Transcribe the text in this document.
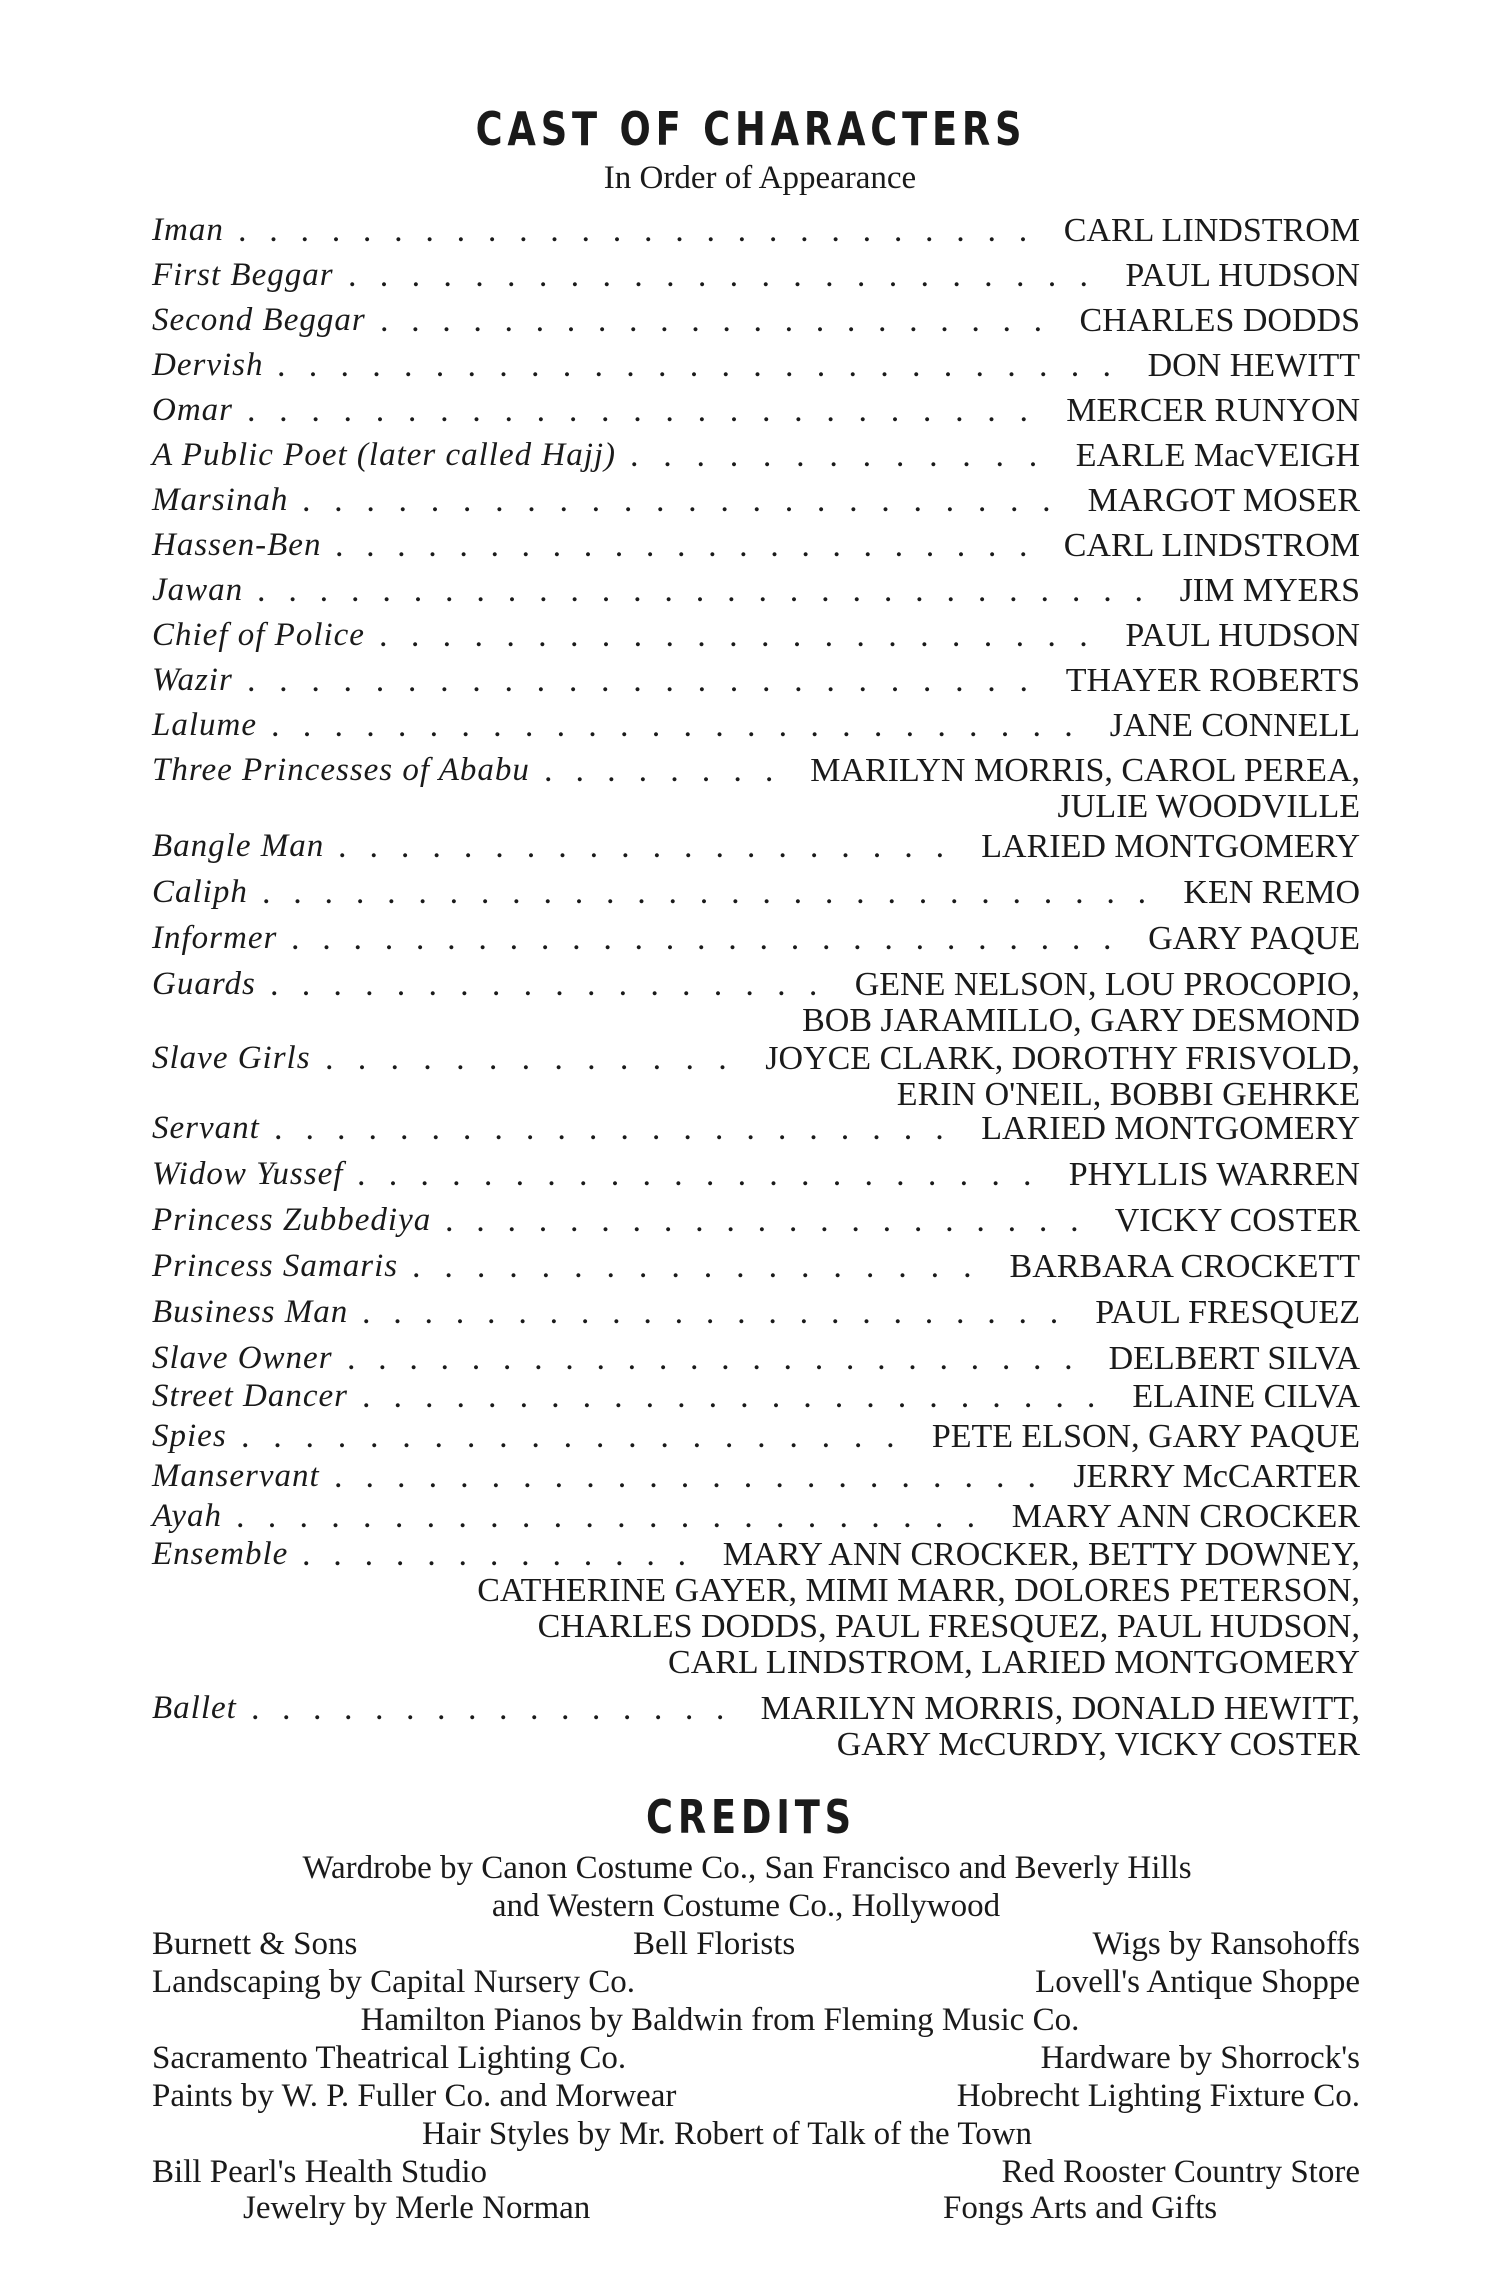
CAST OF CHARACTERS
In Order of Appearance
Iman . . . . . . . . . . . . . . . . . . . . . . . . . .  CARL LINDSTROM
First Beggar . . . . . . . . . . . . . . . . . . . . . . . .  PAUL HUDSON
Second Beggar . . . . . . . . . . . . . . . . . . . . . .  CHARLES DODDS
Dervish . . . . . . . . . . . . . . . . . . . . . . . . . . .  DON HEWITT
Omar . . . . . . . . . . . . . . . . . . . . . . . . .  MERCER RUNYON
A Public Poet (later called Hajj) . . . . . . . . . . . . .  EARLE MacVEIGH
Marsinah . . . . . . . . . . . . . . . . . . . . . . . .  MARGOT MOSER
Hassen-Ben . . . . . . . . . . . . . . . . . . . . . . .  CARL LINDSTROM
Jawan . . . . . . . . . . . . . . . . . . . . . . . . . . . . .  JIM MYERS
Chief of Police . . . . . . . . . . . . . . . . . . . . . . .  PAUL HUDSON
Wazir . . . . . . . . . . . . . . . . . . . . . . . . .  THAYER ROBERTS
Lalume . . . . . . . . . . . . . . . . . . . . . . . . . .  JANE CONNELL
Three Princesses of Ababu . . . . . . . .  MARILYN MORRIS, CAROL PEREA,
JULIE WOODVILLE
Bangle Man . . . . . . . . . . . . . . . . . . . .  LARIED MONTGOMERY
Caliph . . . . . . . . . . . . . . . . . . . . . . . . . . . . .  KEN REMO
Informer . . . . . . . . . . . . . . . . . . . . . . . . . . .  GARY PAQUE
Guards . . . . . . . . . . . . . . . . . .  GENE NELSON, LOU PROCOPIO,
BOB JARAMILLO, GARY DESMOND
Slave Girls . . . . . . . . . . . . .  JOYCE CLARK, DOROTHY FRISVOLD,
ERIN O'NEIL, BOBBI GEHRKE
Servant . . . . . . . . . . . . . . . . . . . . . .  LARIED MONTGOMERY
Widow Yussef . . . . . . . . . . . . . . . . . . . . . .  PHYLLIS WARREN
Princess Zubbediya . . . . . . . . . . . . . . . . . . . . .  VICKY COSTER
Princess Samaris . . . . . . . . . . . . . . . . . .  BARBARA CROCKETT
Business Man . . . . . . . . . . . . . . . . . . . . . . .  PAUL FRESQUEZ
Slave Owner . . . . . . . . . . . . . . . . . . . . . . . .  DELBERT SILVA
Street Dancer . . . . . . . . . . . . . . . . . . . . . . . .  ELAINE CILVA
Spies . . . . . . . . . . . . . . . . . . . . .  PETE ELSON, GARY PAQUE
Manservant . . . . . . . . . . . . . . . . . . . . . . .  JERRY McCARTER
Ayah . . . . . . . . . . . . . . . . . . . . . . . .  MARY ANN CROCKER
Ensemble . . . . . . . . . . . . .  MARY ANN CROCKER, BETTY DOWNEY,
CATHERINE GAYER, MIMI MARR, DOLORES PETERSON,
CHARLES DODDS, PAUL FRESQUEZ, PAUL HUDSON,
CARL LINDSTROM, LARIED MONTGOMERY
Ballet . . . . . . . . . . . . . . . .  MARILYN MORRIS, DONALD HEWITT,
GARY McCURDY, VICKY COSTER
CREDITS
Wardrobe by Canon Costume Co., San Francisco and Beverly Hills
and Western Costume Co., Hollywood
Burnett & Sons	Bell Florists	Wigs by Ransohoffs
Landscaping by Capital Nursery Co.	Lovell's Antique Shoppe
Hamilton Pianos by Baldwin from Fleming Music Co.
Sacramento Theatrical Lighting Co.	Hardware by Shorrock's
Paints by W. P. Fuller Co. and Morwear	Hobrecht Lighting Fixture Co.
Hair Styles by Mr. Robert of Talk of the Town
Bill Pearl's Health Studio	Red Rooster Country Store
Jewelry by Merle Norman	Fongs Arts and Gifts
